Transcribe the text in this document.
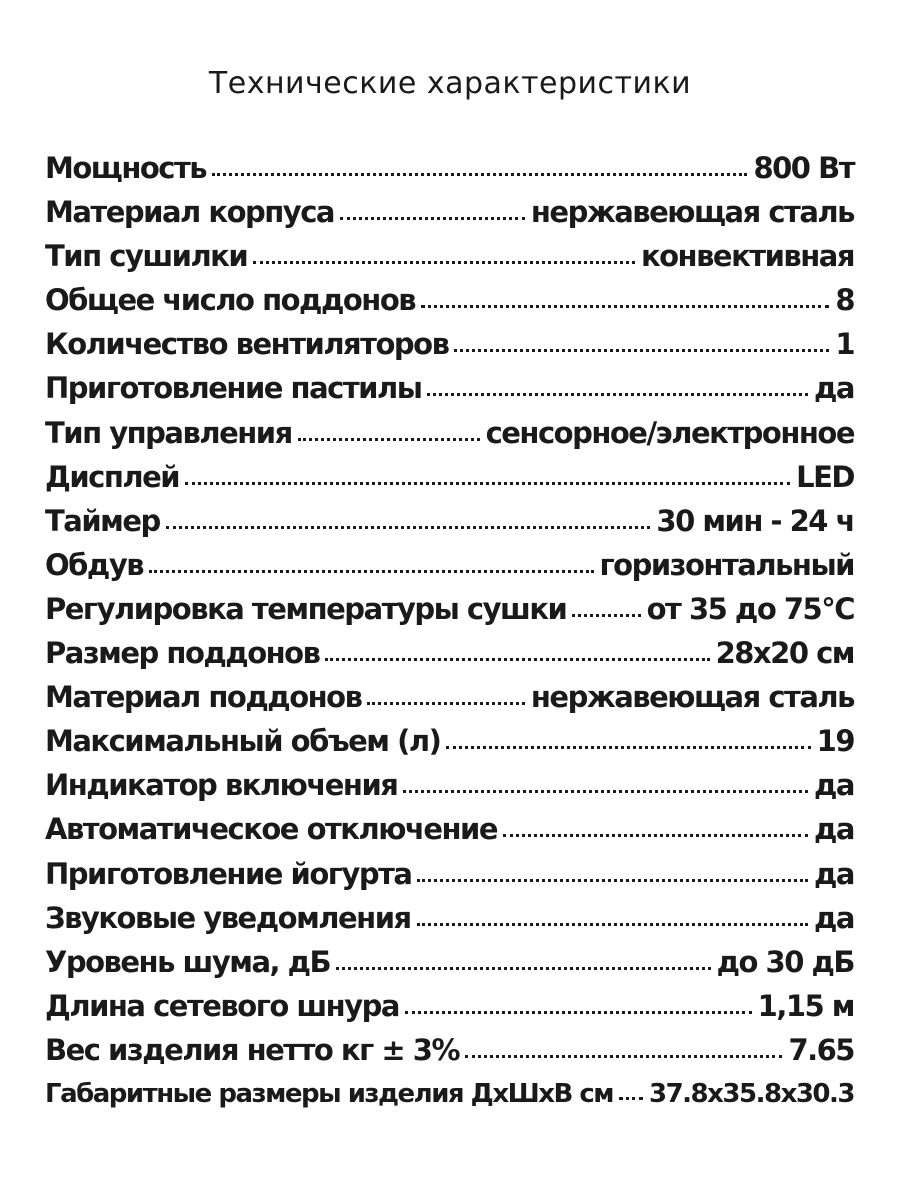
Технические характеристики
Мощность	800 Вт
Материал корпуса	нержавеющая сталь
Тип сушилки	конвективная
Общее число поддонов	8
Количество вентиляторов	1
Приготовление пастилы	да
Тип управления	сенсорное/электронное
Дисплей	LED
Таймер	30 мин - 24 ч
Обдув	горизонтальный
Регулировка температуры сушки	от 35 до 75°С
Размер поддонов	28x20 см
Материал поддонов	нержавеющая сталь
Максимальный объем (л)	19
Индикатор включения	да
Автоматическое отключение	да
Приготовление йогурта	да
Звуковые уведомления	да
Уровень шума, дБ	до 30 дБ
Длина сетевого шнура	1,15 м
Вес изделия нетто кг ± 3%	7.65
Габаритные размеры изделия ДхШхВ см 37.8x35.8x30.3
